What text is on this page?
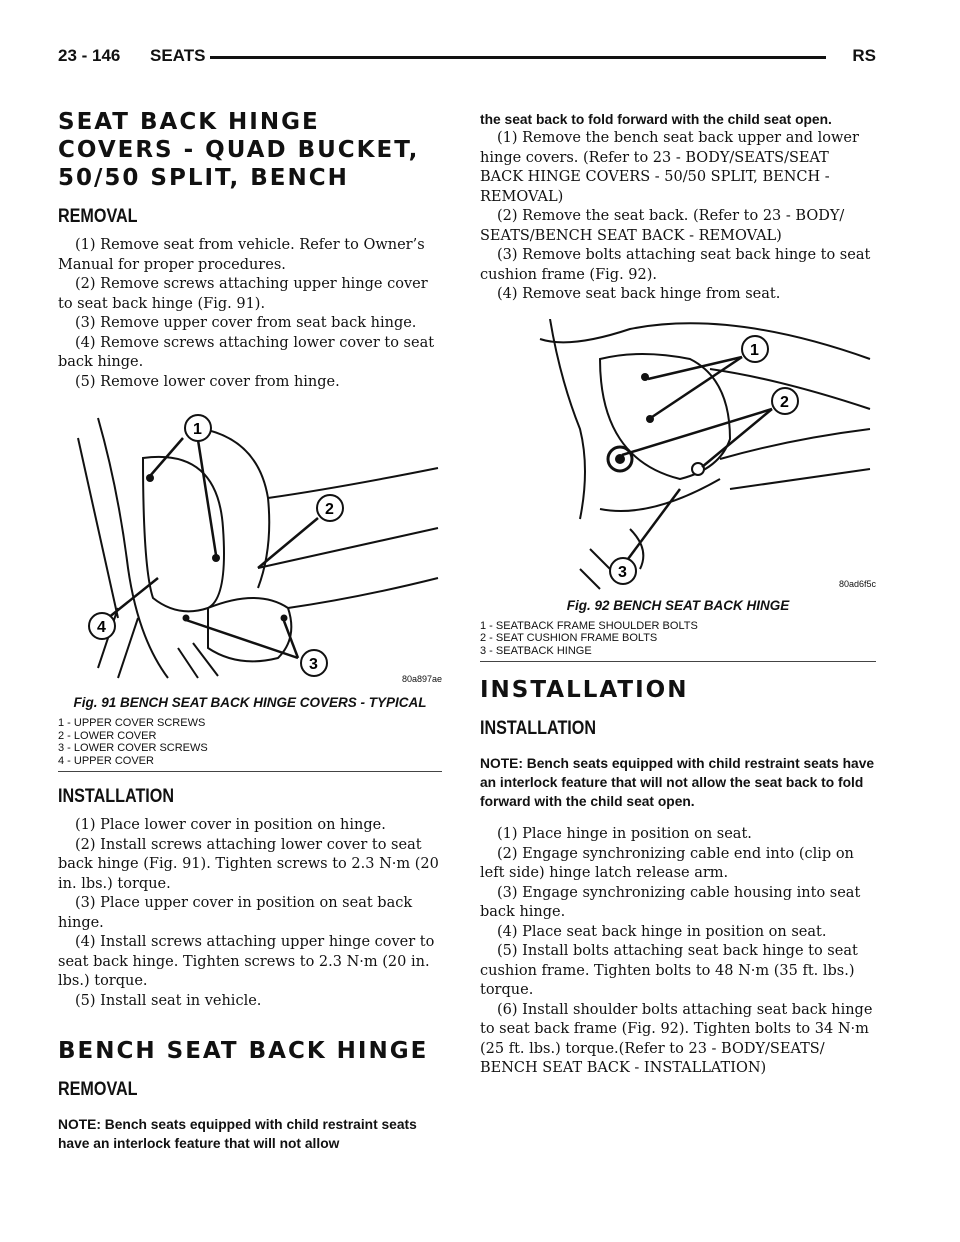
23 - 146 SEATS	RS
SEAT BACK HINGE COVERS - QUAD BUCKET, 50/50 SPLIT, BENCH
REMOVAL

(1) Remove seat from vehicle. Refer to Owner’s Manual for proper procedures.

(2) Remove screws attaching upper hinge cover to seat back hinge (Fig. 91).

(3) Remove upper cover from seat back hinge.

(4) Remove screws attaching lower cover to seat back hinge.

(5) Remove lower cover from hinge.

1
2
3
4
80a897ae
Fig. 91 BENCH SEAT BACK HINGE COVERS - TYPICAL
1 - UPPER COVER SCREWS
2 - LOWER COVER
3 - LOWER COVER SCREWS
4 - UPPER COVER
INSTALLATION

(1) Place lower cover in position on hinge.

(2) Install screws attaching lower cover to seat back hinge (Fig. 91). Tighten screws to 2.3 N·m (20 in. lbs.) torque.

(3) Place upper cover in position on seat back hinge.

(4) Install screws attaching upper hinge cover to seat back hinge. Tighten screws to 2.3 N·m (20 in. lbs.) torque.

(5) Install seat in vehicle.

BENCH SEAT BACK HINGE
REMOVAL
NOTE: Bench seats equipped with child restraint seats have an interlock feature that will not allow
the seat back to fold forward with the child seat open.

(1) Remove the bench seat back upper and lower hinge covers. (Refer to 23 - BODY/SEATS/SEAT BACK HINGE COVERS - 50/50 SPLIT, BENCH - REMOVAL)

(2) Remove the seat back. (Refer to 23 - BODY/ SEATS/BENCH SEAT BACK - REMOVAL)

(3) Remove bolts attaching seat back hinge to seat cushion frame (Fig. 92).

(4) Remove seat back hinge from seat.

1
2
3
80ad6f5c
Fig. 92 BENCH SEAT BACK HINGE
1 - SEATBACK FRAME SHOULDER BOLTS
2 - SEAT CUSHION FRAME BOLTS
3 - SEATBACK HINGE
INSTALLATION
INSTALLATION
NOTE: Bench seats equipped with child restraint seats have an interlock feature that will not allow the seat back to fold forward with the child seat open.

(1) Place hinge in position on seat.

(2) Engage synchronizing cable end into (clip on left side) hinge latch release arm.

(3) Engage synchronizing cable housing into seat back hinge.

(4) Place seat back hinge in position on seat.

(5) Install bolts attaching seat back hinge to seat cushion frame. Tighten bolts to 48 N·m (35 ft. lbs.) torque.

(6) Install shoulder bolts attaching seat back hinge to seat back frame (Fig. 92). Tighten bolts to 34 N·m (25 ft. lbs.) torque.(Refer to 23 - BODY/SEATS/ BENCH SEAT BACK - INSTALLATION)
